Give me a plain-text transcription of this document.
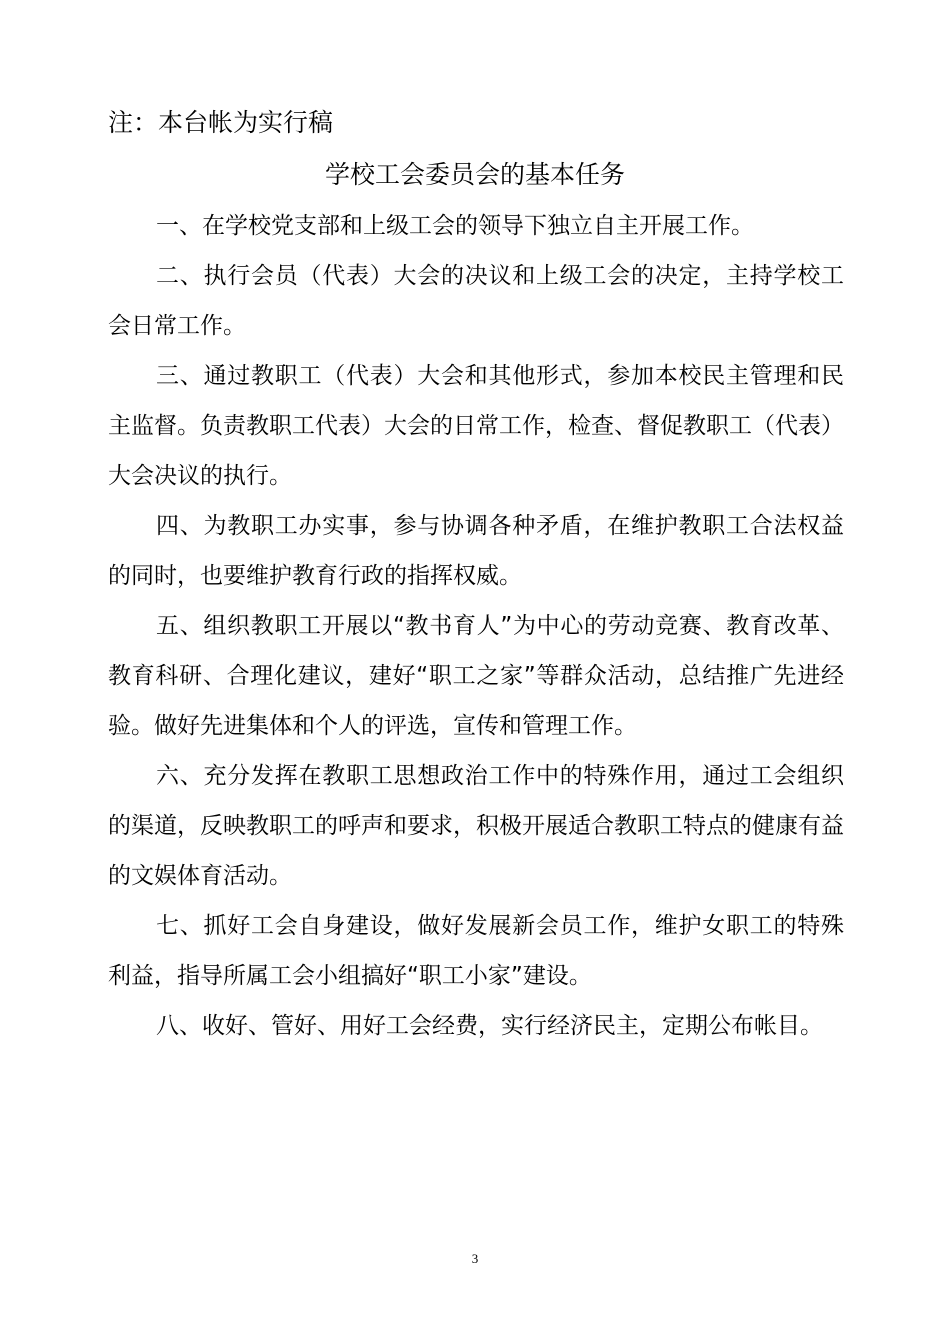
注：本台帐为实行稿
学校工会委员会的基本任务

一、在学校党支部和上级工会的领导下独立自主开展工作。

二、执行会员（代表）大会的决议和上级工会的决定，主持学校工会日常工作。

三、通过教职工（代表）大会和其他形式，参加本校民主管理和民主监督。负责教职工代表）大会的日常工作，检查、督促教职工（代表）大会决议的执行。

四、为教职工办实事，参与协调各种矛盾，在维护教职工合法权益的同时，也要维护教育行政的指挥权威。

五、组织教职工开展以“教书育人”为中心的劳动竞赛、教育改革、教育科研、合理化建议，建好“职工之家”等群众活动，总结推广先进经验。做好先进集体和个人的评选，宣传和管理工作。

六、充分发挥在教职工思想政治工作中的特殊作用，通过工会组织的渠道，反映教职工的呼声和要求，积极开展适合教职工特点的健康有益的文娱体育活动。

七、抓好工会自身建设，做好发展新会员工作，维护女职工的特殊利益，指导所属工会小组搞好“职工小家”建设。

八、收好、管好、用好工会经费，实行经济民主，定期公布帐目。

3
